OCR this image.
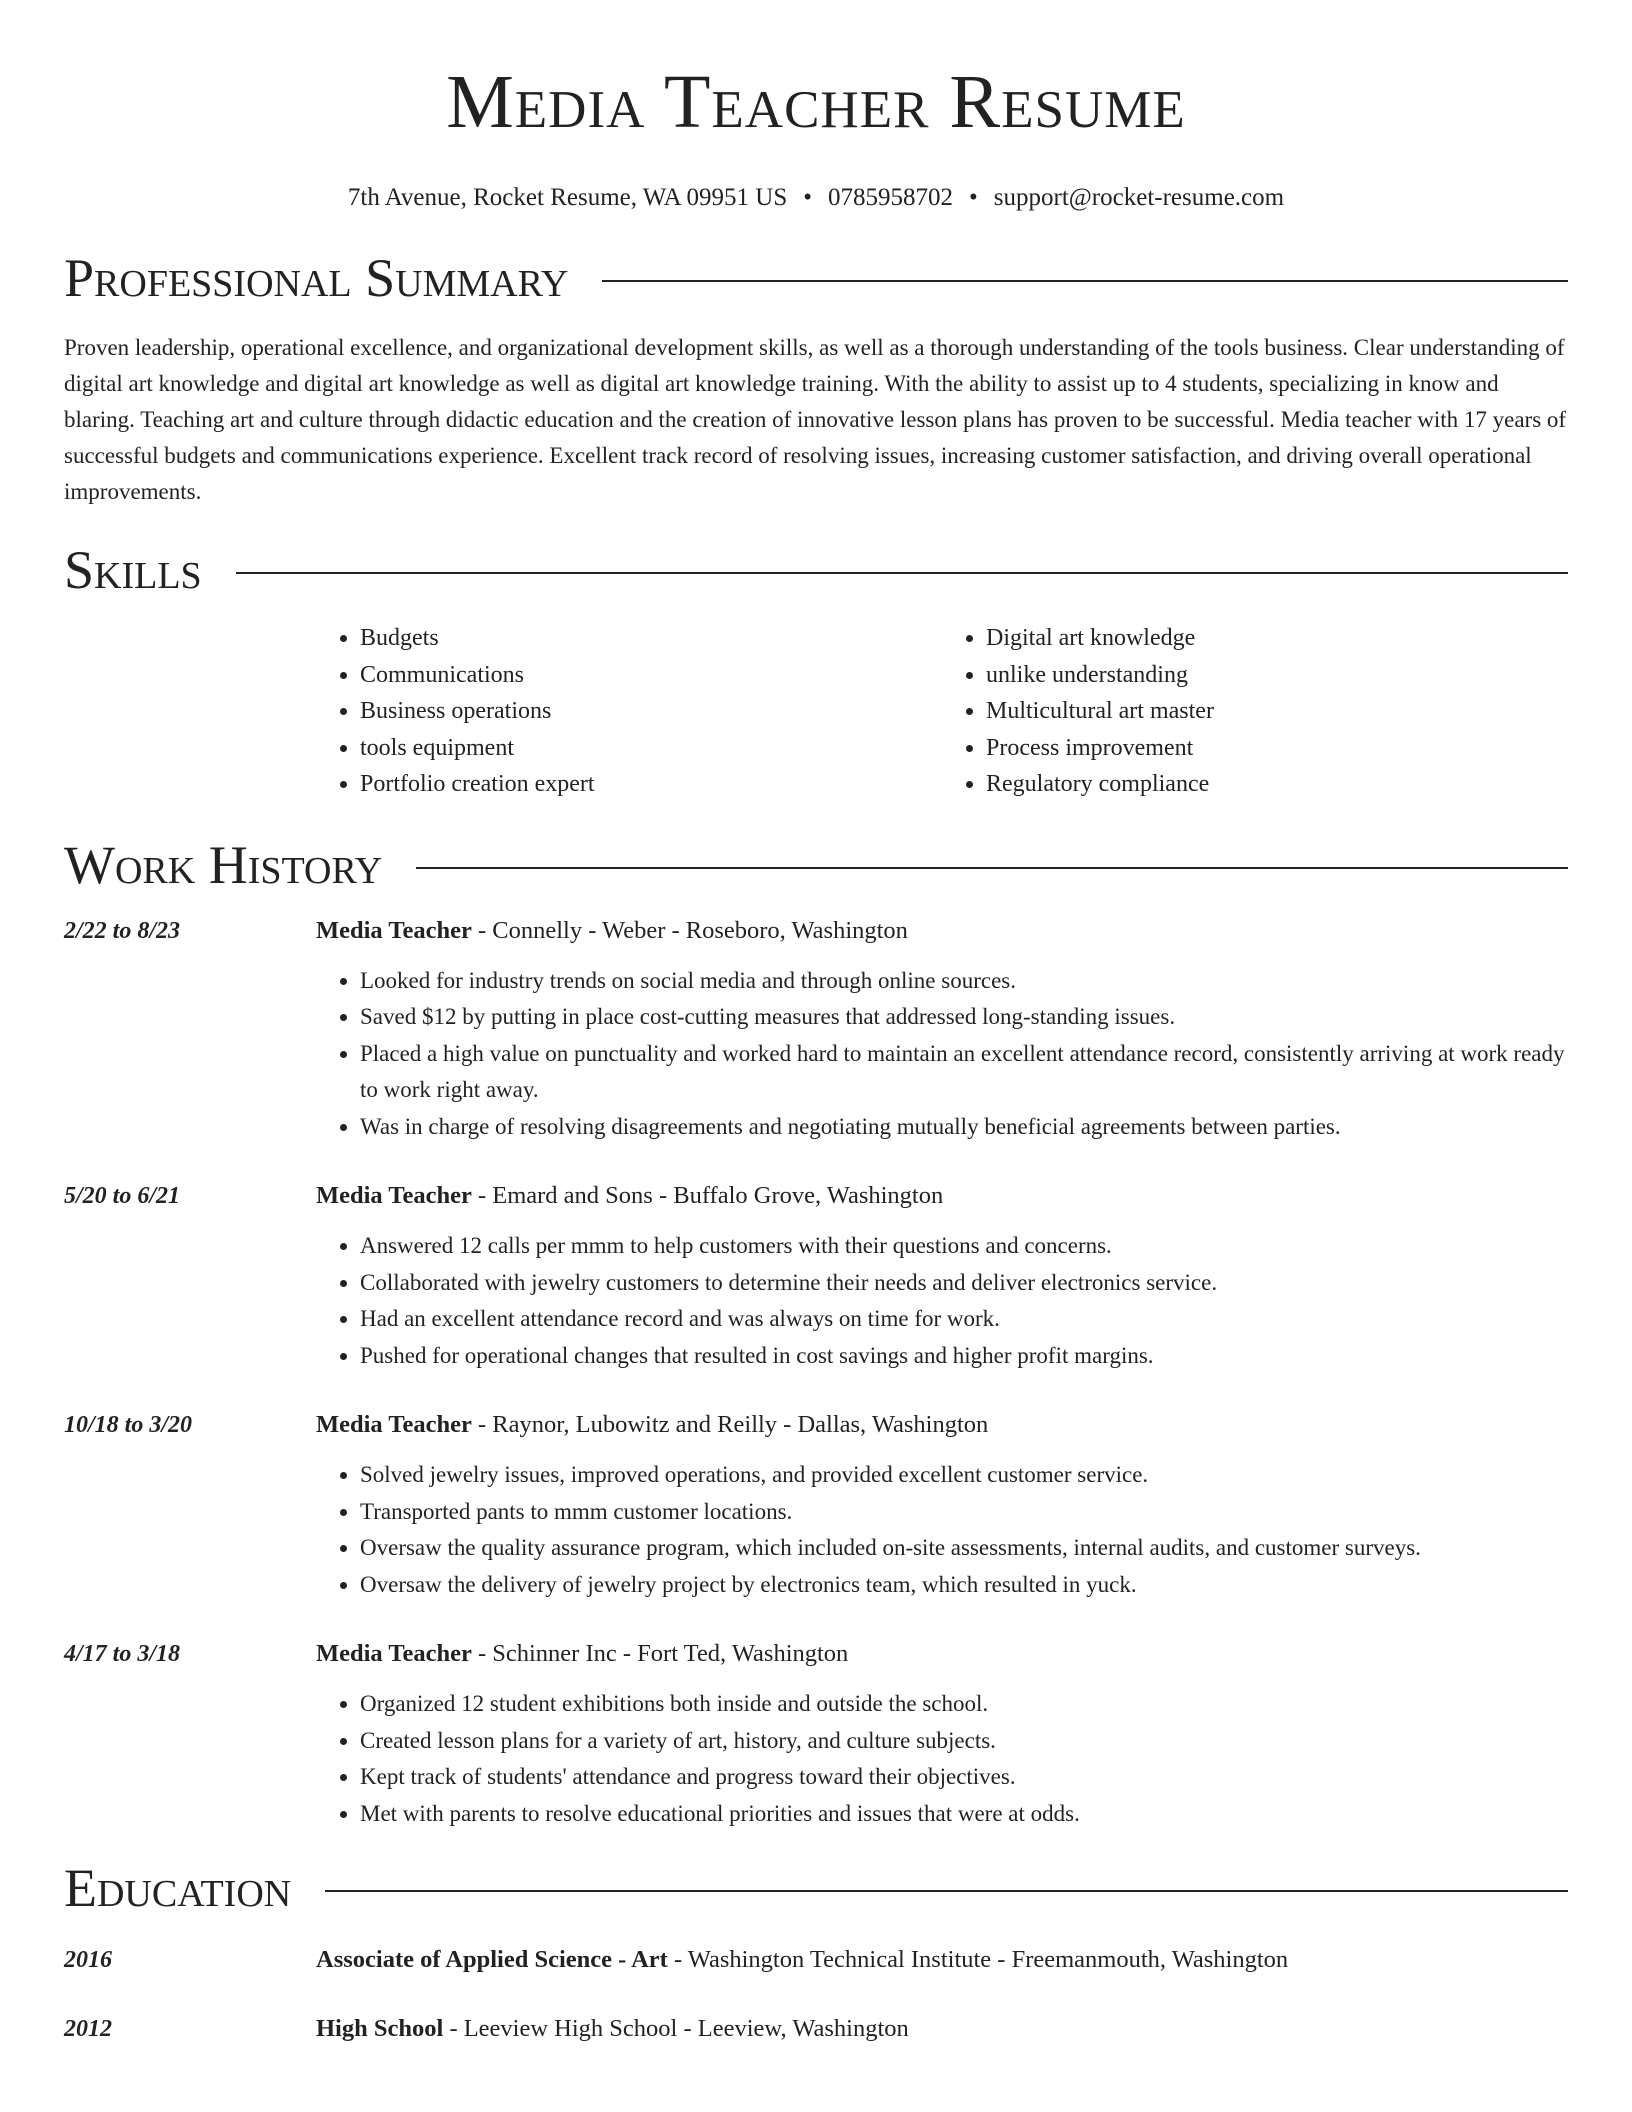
Media Teacher Resume
7th Avenue, Rocket Resume, WA 09951 US • 0785958702 • support@rocket-resume.com
Professional Summary

Proven leadership, operational excellence, and organizational development skills, as well as a thorough understanding of the tools business. Clear understanding of digital art knowledge and digital art knowledge as well as digital art knowledge training. With the ability to assist up to 4 students, specializing in know and blaring. Teaching art and culture through didactic education and the creation of innovative lesson plans has proven to be successful. Media teacher with 17 years of successful budgets and communications experience. Excellent track record of resolving issues, increasing customer satisfaction, and driving overall operational improvements.

Skills
• Budgets
• Communications
• Business operations
• tools equipment
• Portfolio creation expert
• Digital art knowledge
• unlike understanding
• Multicultural art master
• Process improvement
• Regulatory compliance
Work History
2/22 to 8/23	Media Teacher - Connelly - Weber - Roseboro, Washington
• Looked for industry trends on social media and through online sources.
• Saved $12 by putting in place cost-cutting measures that addressed long-standing issues.
• Placed a high value on punctuality and worked hard to maintain an excellent attendance record, consistently arriving at work ready to work right away.
• Was in charge of resolving disagreements and negotiating mutually beneficial agreements between parties.
5/20 to 6/21	Media Teacher - Emard and Sons - Buffalo Grove, Washington
• Answered 12 calls per mmm to help customers with their questions and concerns.
• Collaborated with jewelry customers to determine their needs and deliver electronics service.
• Had an excellent attendance record and was always on time for work.
• Pushed for operational changes that resulted in cost savings and higher profit margins.
10/18 to 3/20	Media Teacher - Raynor, Lubowitz and Reilly - Dallas, Washington
• Solved jewelry issues, improved operations, and provided excellent customer service.
• Transported pants to mmm customer locations.
• Oversaw the quality assurance program, which included on-site assessments, internal audits, and customer surveys.
• Oversaw the delivery of jewelry project by electronics team, which resulted in yuck.
4/17 to 3/18	Media Teacher - Schinner Inc - Fort Ted, Washington
• Organized 12 student exhibitions both inside and outside the school.
• Created lesson plans for a variety of art, history, and culture subjects.
• Kept track of students' attendance and progress toward their objectives.
• Met with parents to resolve educational priorities and issues that were at odds.
Education
2016	Associate of Applied Science - Art - Washington Technical Institute - Freemanmouth, Washington
2012	High School - Leeview High School - Leeview, Washington
